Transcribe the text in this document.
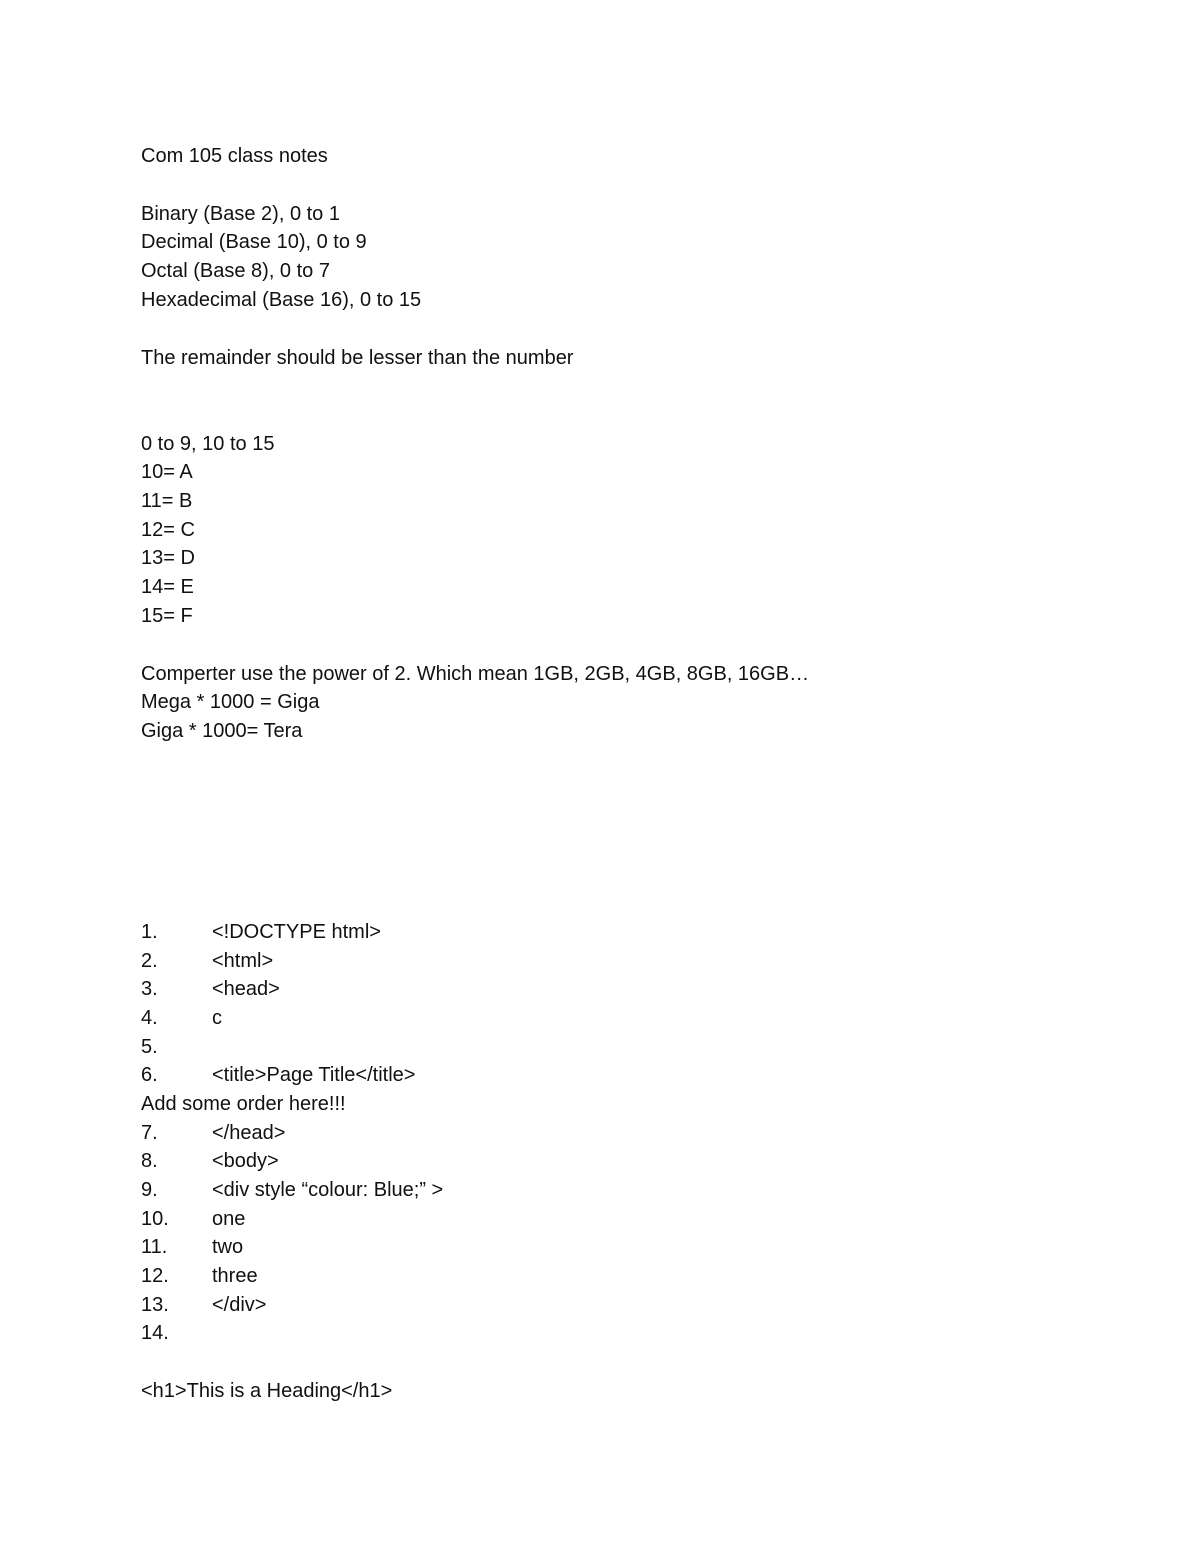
Com 105 class notes
Binary (Base 2), 0 to 1
Decimal (Base 10), 0 to 9
Octal (Base 8), 0 to 7
Hexadecimal (Base 16), 0 to 15
The remainder should be lesser than the number
0 to 9, 10 to 15
10= A
11= B
12= C
13= D
14= E
15= F
Comperter use the power of 2. Which mean 1GB, 2GB, 4GB, 8GB, 16GB…
Mega * 1000 = Giga
Giga * 1000= Tera
1.	<!DOCTYPE html>
2.	<html>
3.	<head>
4.	c
5.
6.	<title>Page Title</title>
Add some order here!!!
7.	</head>
8.	<body>
9.	<div style “colour: Blue;” >
10. one
11. two
12. three
13. </div>
14.
<h1>This is a Heading</h1>
